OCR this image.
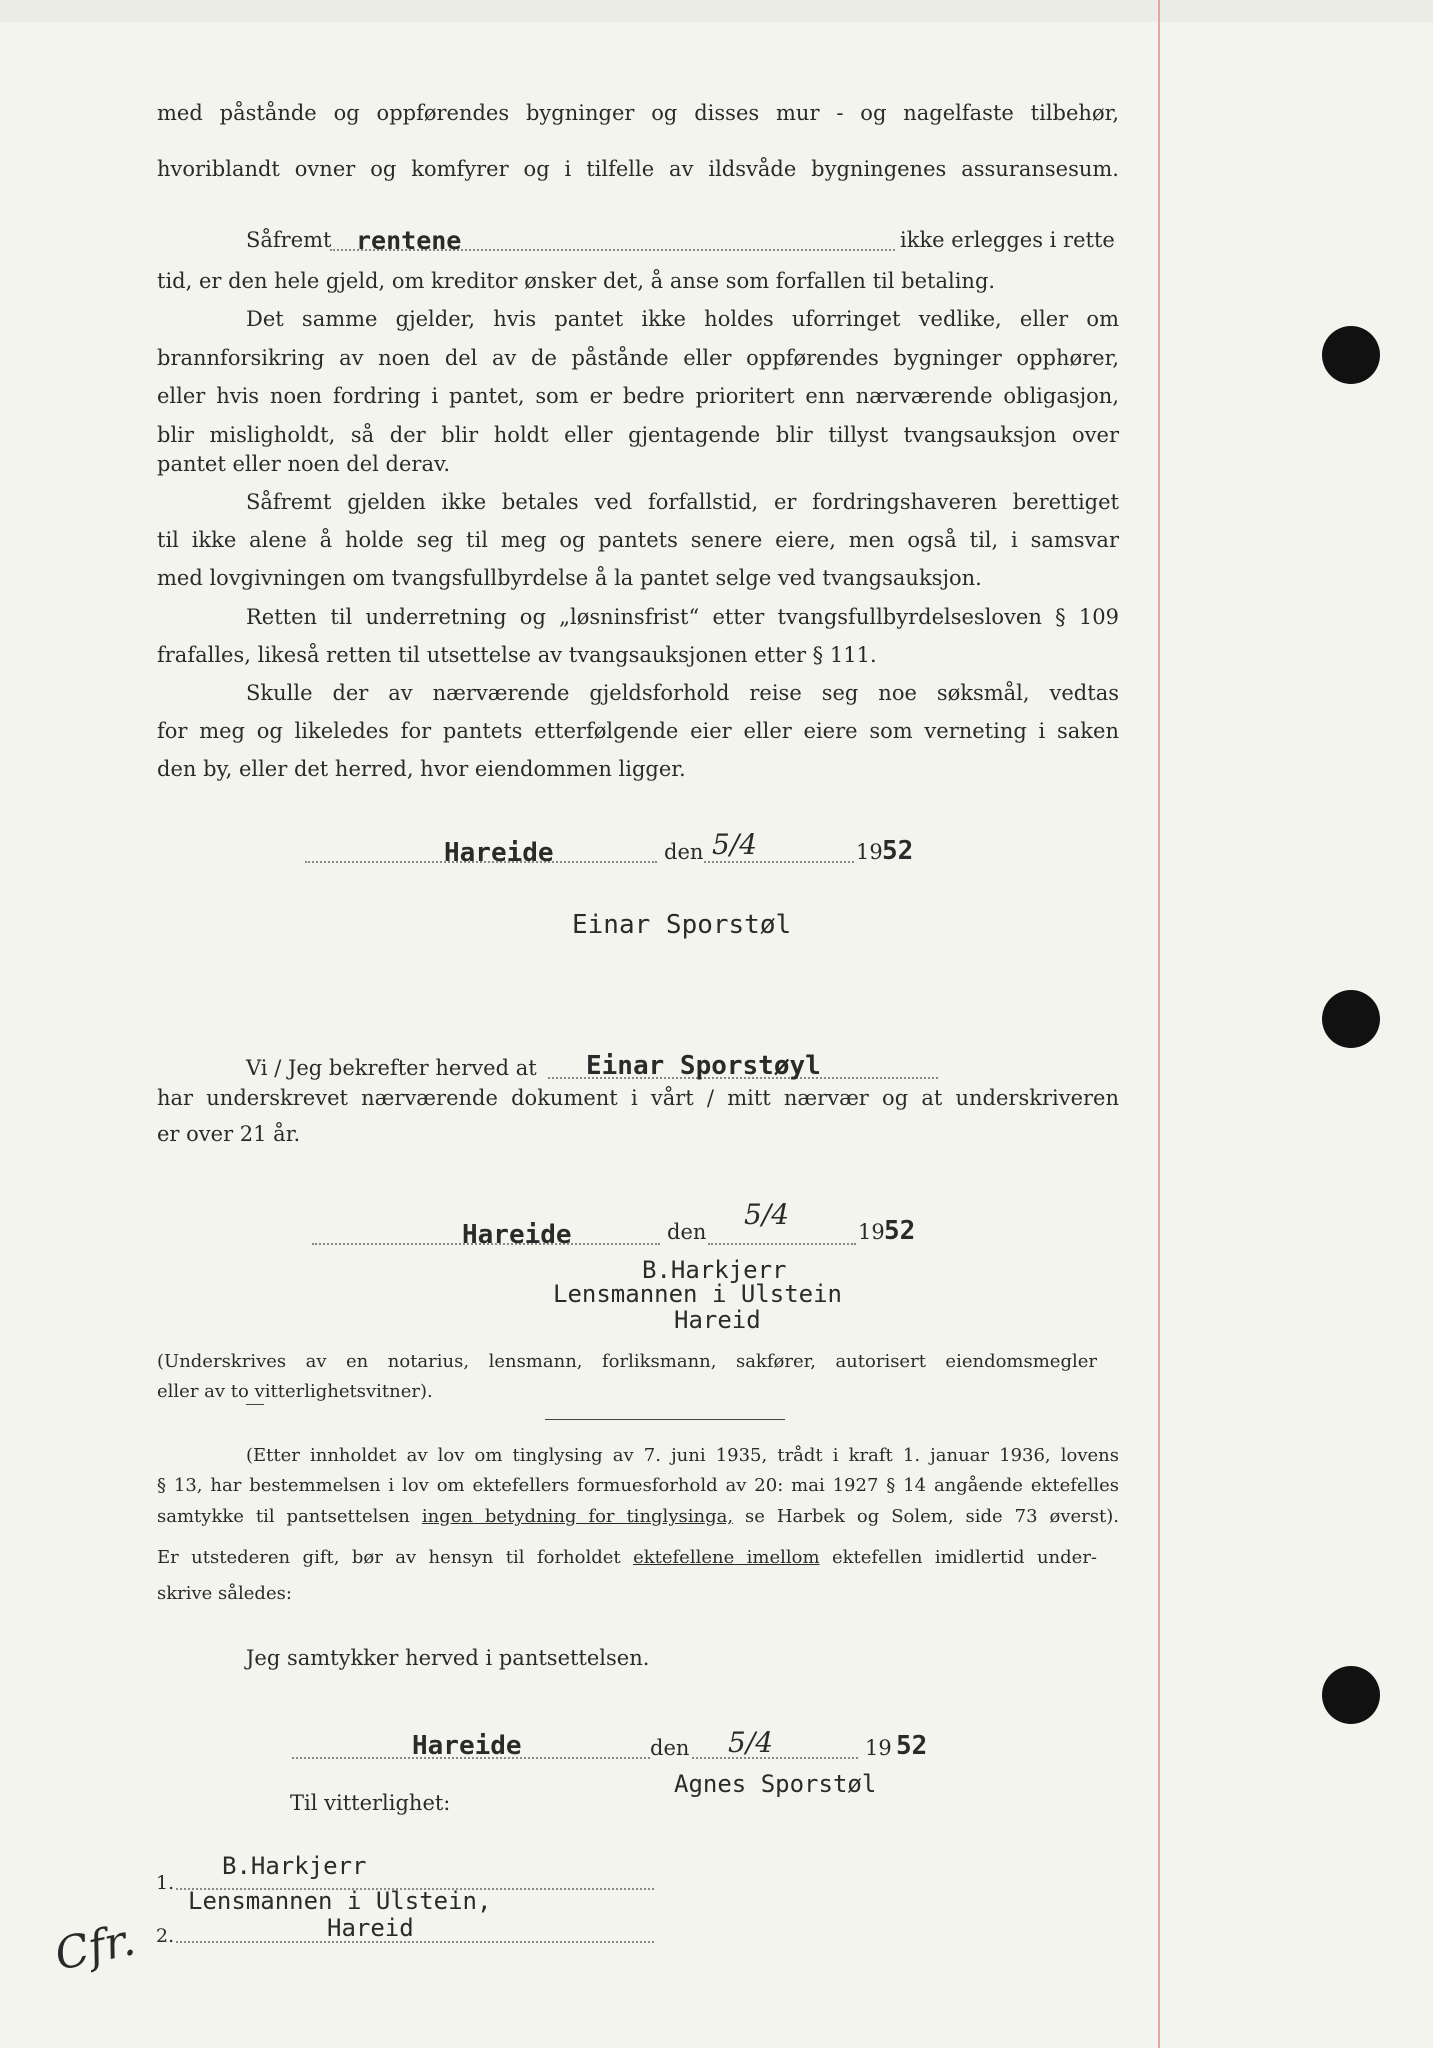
med påstånde og oppførendes bygninger og disses mur - og nagelfaste tilbehør,
hvoriblandt ovner og komfyrer og i tilfelle av ildsvåde bygningenes assuransesum.
Såfremt rentene	ikke erlegges i rette
tid, er den hele gjeld, om kreditor ønsker det, å anse som forfallen til betaling.
Det samme gjelder, hvis pantet ikke holdes uforringet vedlike, eller om
brannforsikring av noen del av de påstånde eller oppførendes bygninger opphører,
eller hvis noen fordring i pantet, som er bedre prioritert enn nærværende obligasjon,
blir misligholdt, så der blir holdt eller gjentagende blir tillyst tvangsauksjon over
pantet eller noen del derav.
Såfremt gjelden ikke betales ved forfallstid, er fordringshaveren berettiget
til ikke alene å holde seg til meg og pantets senere eiere, men også til, i samsvar
med lovgivningen om tvangsfullbyrdelse å la pantet selge ved tvangsauksjon.
Retten til underretning og „løsninsfrist“ etter tvangsfullbyrdelsesloven § 109
frafalles, likeså retten til utsettelse av tvangsauksjonen etter § 111.
Skulle der av nærværende gjeldsforhold reise seg noe søksmål, vedtas
for meg og likeledes for pantets etterfølgende eier eller eiere som verneting i saken
den by, eller det herred, hvor eiendommen ligger.
Hareide	den 5/4	19 52
Einar Sporstøl
Vi / Jeg bekrefter herved at Einar Sporstøyl
har underskrevet nærværende dokument i vårt / mitt nærvær og at underskriveren
er over 21 år.
Hareide	den
5/4
19 52
B.Harkjerr
Lensmannen i Ulstein
Hareid
(Underskrives av en notarius, lensmann, forliksmann, sakfører, autorisert eiendomsmegler
eller av to vitterlighetsvitner).
(Etter innholdet av lov om tinglysing av 7. juni 1935, trådt i kraft 1. januar 1936, lovens
§ 13, har bestemmelsen i lov om ektefellers formuesforhold av 20: mai 1927 § 14 angående ektefelles
samtykke til pantsettelsen ingen betydning for tinglysinga, se Harbek og Solem, side 73 øverst).
Er utstederen gift, bør av hensyn til forholdet ektefellene imellom ektefellen imidlertid under-
skrive således:
Jeg samtykker herved i pantsettelsen.
Hareide	den 5/4	19 52
Agnes Sporstøl
Til vitterlighet:
B.Harkjerr
1.
Lensmannen i Ulstein,
Hareid
2.
Cfr.
